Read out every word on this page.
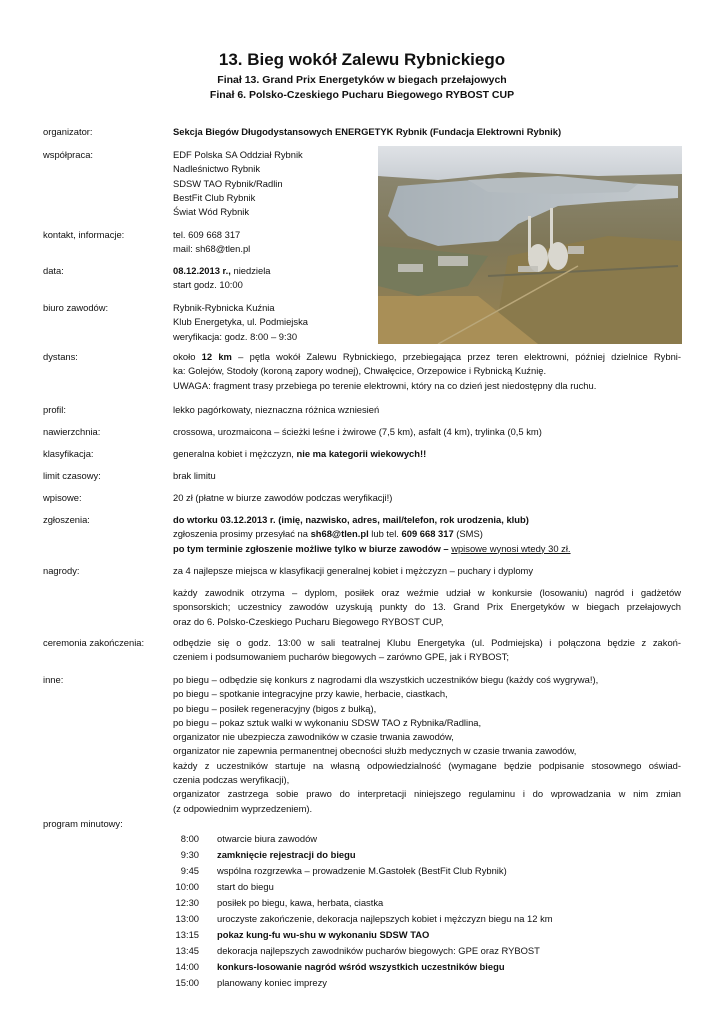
13. Bieg wokół Zalewu Rybnickiego
Finał 13. Grand Prix Energetyków w biegach przełajowych
Finał 6. Polsko-Czeskiego Pucharu Biegowego RYBOST CUP
organizator:	Sekcja Biegów Długodystansowych ENERGETYK Rybnik (Fundacja Elektrowni Rybnik)
współpraca:	EDF Polska SA Oddział Rybnik
Nadleśnictwo Rybnik
SDSW TAO Rybnik/Radlin
BestFit Club Rybnik
Świat Wód Rybnik
kontakt, informacje:	tel. 609 668 317
mail: sh68@tlen.pl
data:	08.12.2013 r., niedziela
start godz. 10:00
biuro zawodów:	Rybnik-Rybnicka Kuźnia
Klub Energetyka, ul. Podmiejska
weryfikacja: godz. 8:00 – 9:30
dystans:	około 12 km – pętla wokół Zalewu Rybnickiego, przebiegająca przez teren elektrowni, później dzielnice Rybni-
ka: Golejów, Stodoły (koroną zapory wodnej), Chwałęcice, Orzepowice i Rybnicką Kuźnię.
UWAGA: fragment trasy przebiega po terenie elektrowni, który na co dzień jest niedostępny dla ruchu.
profil:	lekko pagórkowaty, nieznaczna różnica wzniesień
nawierzchnia:	crossowa, urozmaicona – ścieżki leśne i żwirowe (7,5 km), asfalt (4 km), trylinka (0,5 km)
klasyfikacja:	generalna kobiet i mężczyzn, nie ma kategorii wiekowych!!
limit czasowy:	brak limitu
wpisowe:	20 zł (płatne w biurze zawodów podczas weryfikacji!)
zgłoszenia:	do wtorku 03.12.2013 r. (imię, nazwisko, adres, mail/telefon, rok urodzenia, klub)
zgłoszenia prosimy przesyłać na sh68@tlen.pl lub tel. 609 668 317 (SMS)
po tym terminie zgłoszenie możliwe tylko w biurze zawodów – wpisowe wynosi wtedy 30 zł.
nagrody:	za 4 najlepsze miejsca w klasyfikacji generalnej kobiet i mężczyzn – puchary i dyplomy
każdy zawodnik otrzyma – dyplom, posiłek oraz weźmie udział w konkursie (losowaniu) nagród i gadżetów
sponsorskich; uczestnicy zawodów uzyskują punkty do 13. Grand Prix Energetyków w biegach przełajowych
oraz do 6. Polsko-Czeskiego Pucharu Biegowego RYBOST CUP,
ceremonia zakończenia:	odbędzie się o godz. 13:00 w sali teatralnej Klubu Energetyka (ul. Podmiejska) i połączona będzie z zakoń-
czeniem i podsumowaniem pucharów biegowych – zarówno GPE, jak i RYBOST;
inne:	po biegu – odbędzie się konkurs z nagrodami dla wszystkich uczestników biegu (każdy coś wygrywa!),
po biegu – spotkanie integracyjne przy kawie, herbacie, ciastkach,
po biegu – posiłek regeneracyjny (bigos z bułką),
po biegu – pokaz sztuk walki w wykonaniu SDSW TAO z Rybnika/Radlina,
organizator nie ubezpiecza zawodników w czasie trwania zawodów,
organizator nie zapewnia permanentnej obecności służb medycznych w czasie trwania zawodów,
każdy z uczestników startuje na własną odpowiedzialność (wymagane będzie podpisanie stosownego oświad-
czenia podczas weryfikacji),
organizator zastrzega sobie prawo do interpretacji niniejszego regulaminu i do wprowadzania w nim zmian
(z odpowiednim wyprzedzeniem).
program minutowy:
8:00 otwarcie biura zawodów
9:30 zamknięcie rejestracji do biegu
9:45 wspólna rozgrzewka – prowadzenie M.Gastołek (BestFit Club Rybnik)
10:00 start do biegu
12:30 posiłek po biegu, kawa, herbata, ciastka
13:00 uroczyste zakończenie, dekoracja najlepszych kobiet i mężczyzn biegu na 12 km
13:15 pokaz kung-fu wu-shu w wykonaniu SDSW TAO
13:45 dekoracja najlepszych zawodników pucharów biegowych: GPE oraz RYBOST
14:00 konkurs-losowanie nagród wśród wszystkich uczestników biegu
15:00 planowany koniec imprezy
